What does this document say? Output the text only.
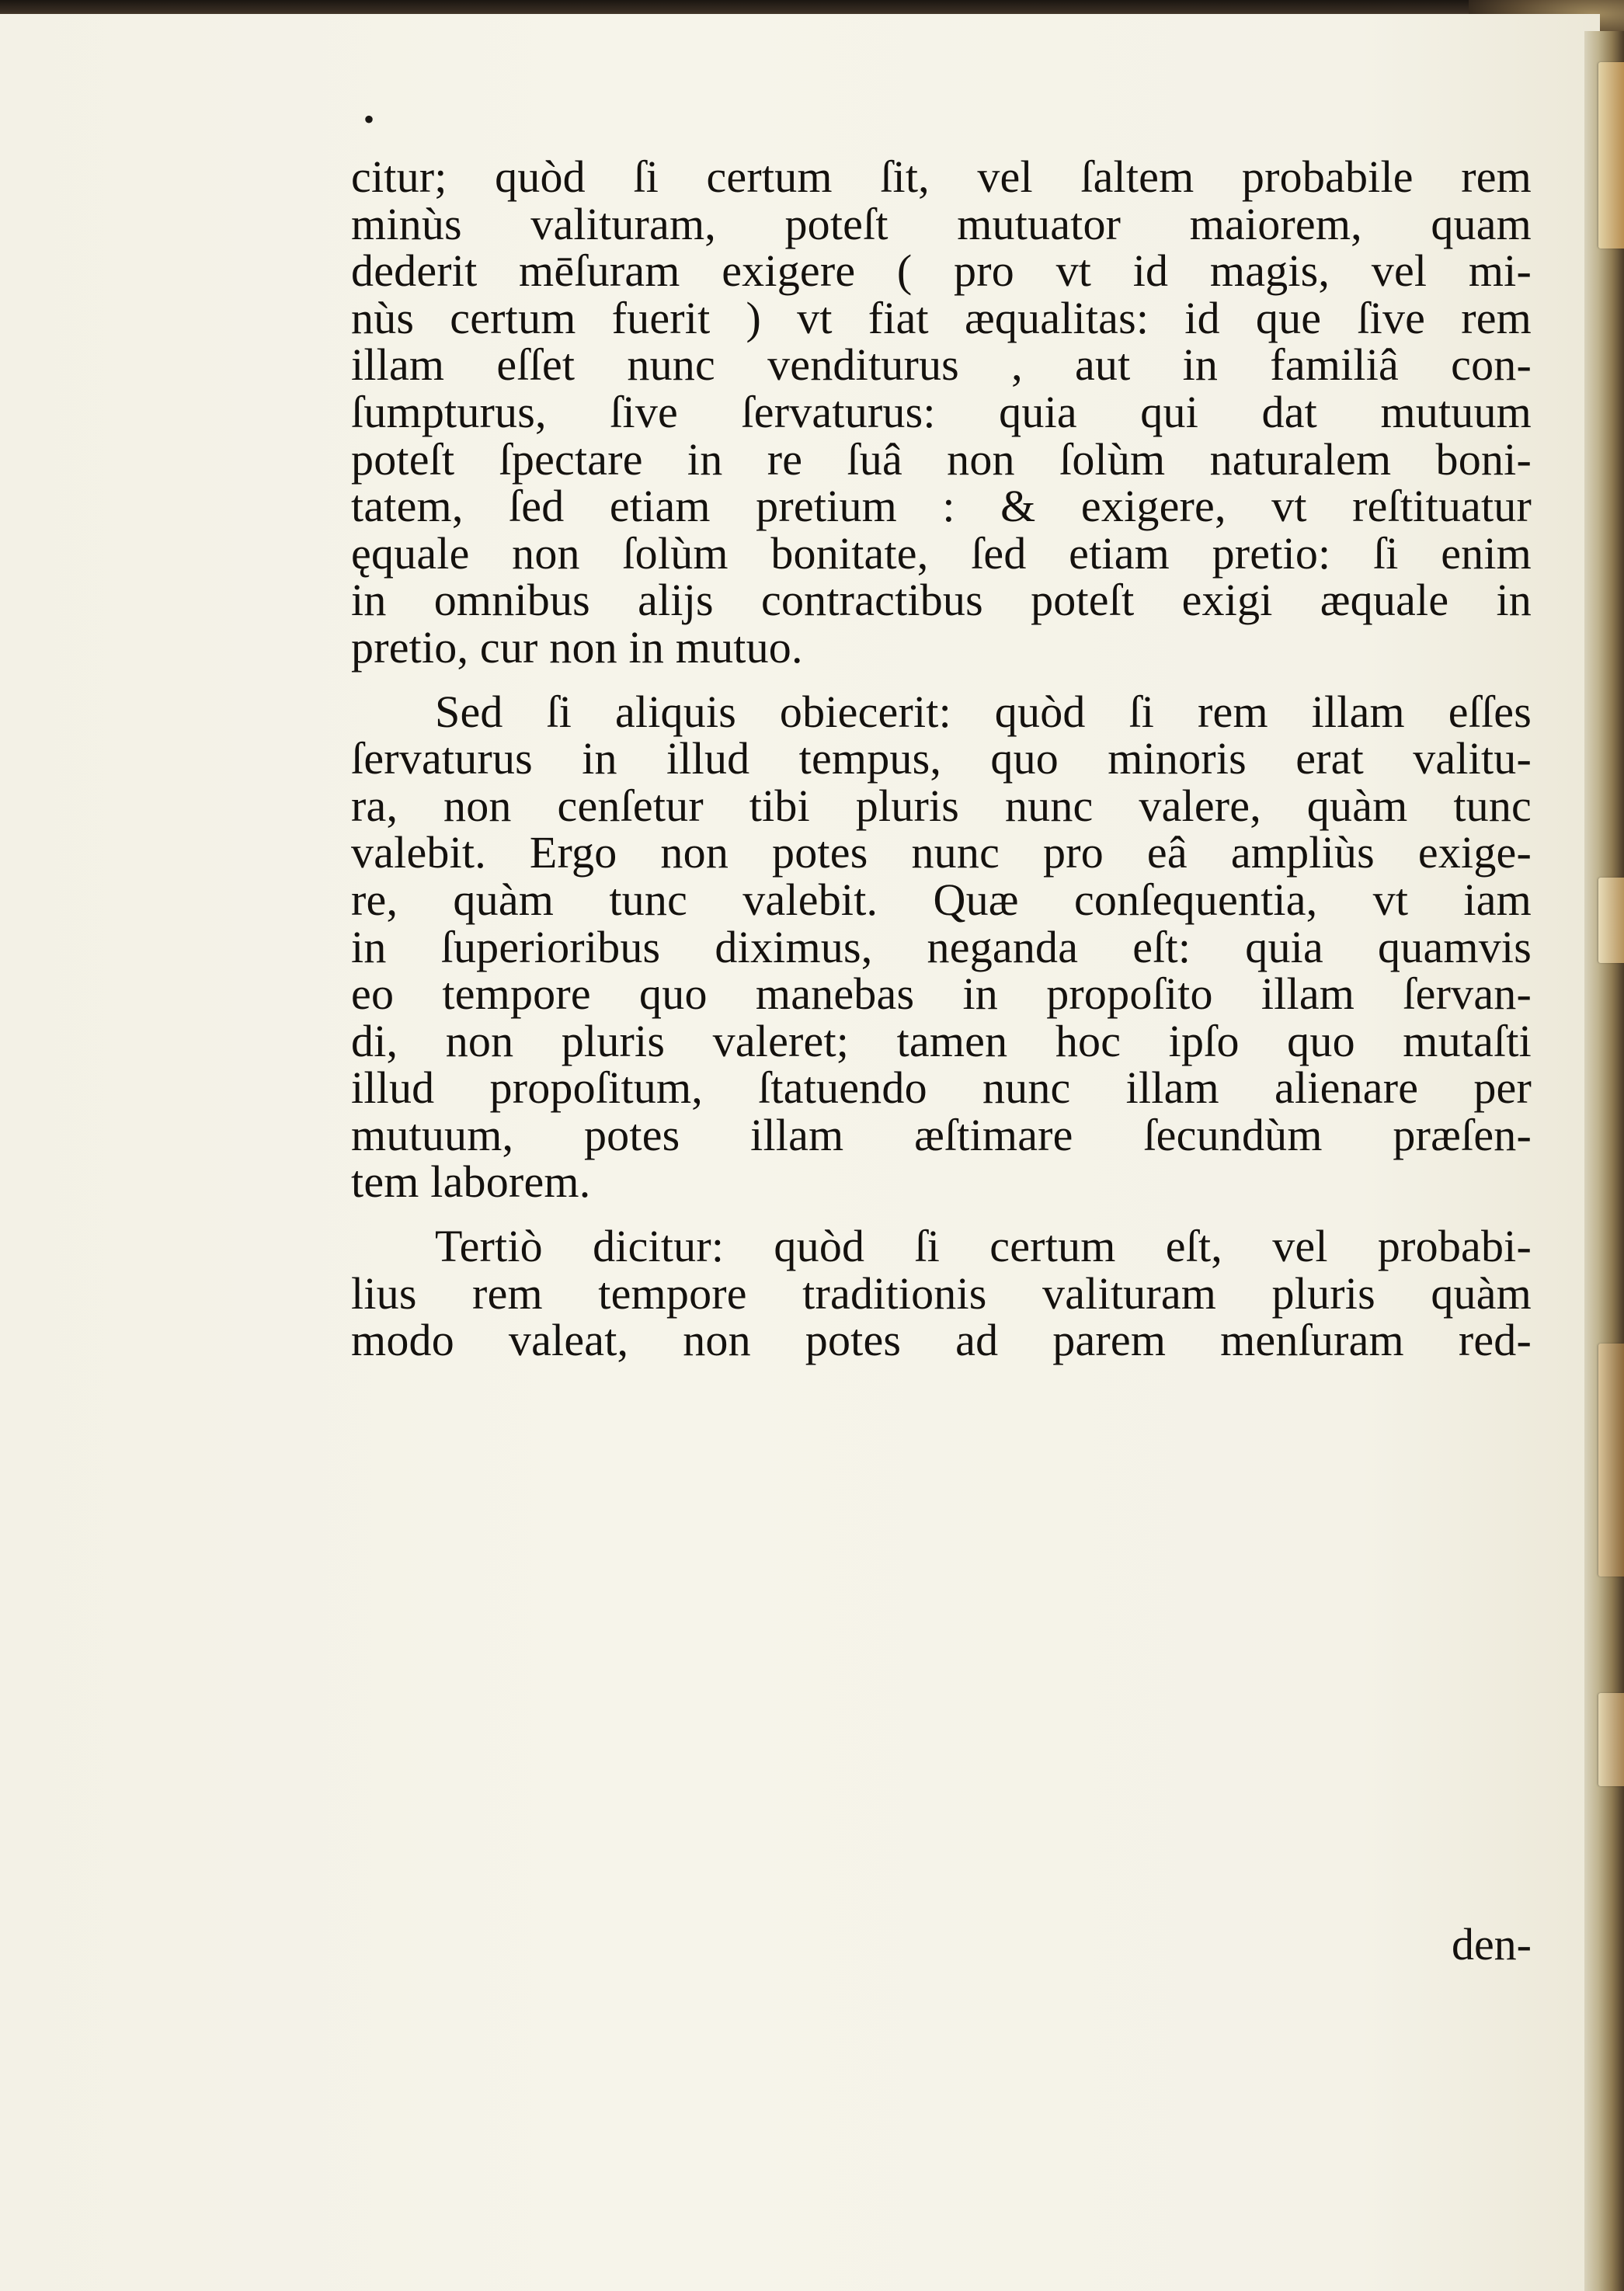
•
citur; quòd ſi certum ſit, vel ſaltem probabile rem
minùs valituram, poteſt mutuator maiorem, quam
dederit mēſuram exigere ( pro vt id magis, vel mi-
nùs certum fuerit ) vt fiat æqualitas: id que ſive rem
illam eſſet nunc venditurus , aut in familiâ con-
ſumpturus, ſive ſervaturus: quia qui dat mutuum
poteſt ſpectare in re ſuâ non ſolùm naturalem boni-
tatem, ſed etiam pretium : & exigere, vt reſtituatur
ęquale non ſolùm bonitate, ſed etiam pretio: ſi enim
in omnibus alijs contractibus poteſt exigi æquale in
pretio, cur non in mutuo.
Sed ſi aliquis obiecerit: quòd ſi rem illam eſſes
ſervaturus in illud tempus, quo minoris erat valitu-
ra, non cenſetur tibi pluris nunc valere, quàm tunc
valebit. Ergo non potes nunc pro eâ ampliùs exige-
re, quàm tunc valebit. Quæ conſequentia, vt iam
in ſuperioribus diximus, neganda eſt: quia quamvis
eo tempore quo manebas in propoſito illam ſervan-
di, non pluris valeret; tamen hoc ipſo quo mutaſti
illud propoſitum, ſtatuendo nunc illam alienare per
mutuum, potes illam æſtimare ſecundùm præſen-
tem laborem.
Tertiò dicitur: quòd ſi certum eſt, vel probabi-
lius rem tempore traditionis valituram pluris quàm
modo valeat, non potes ad parem menſuram red-
den-
